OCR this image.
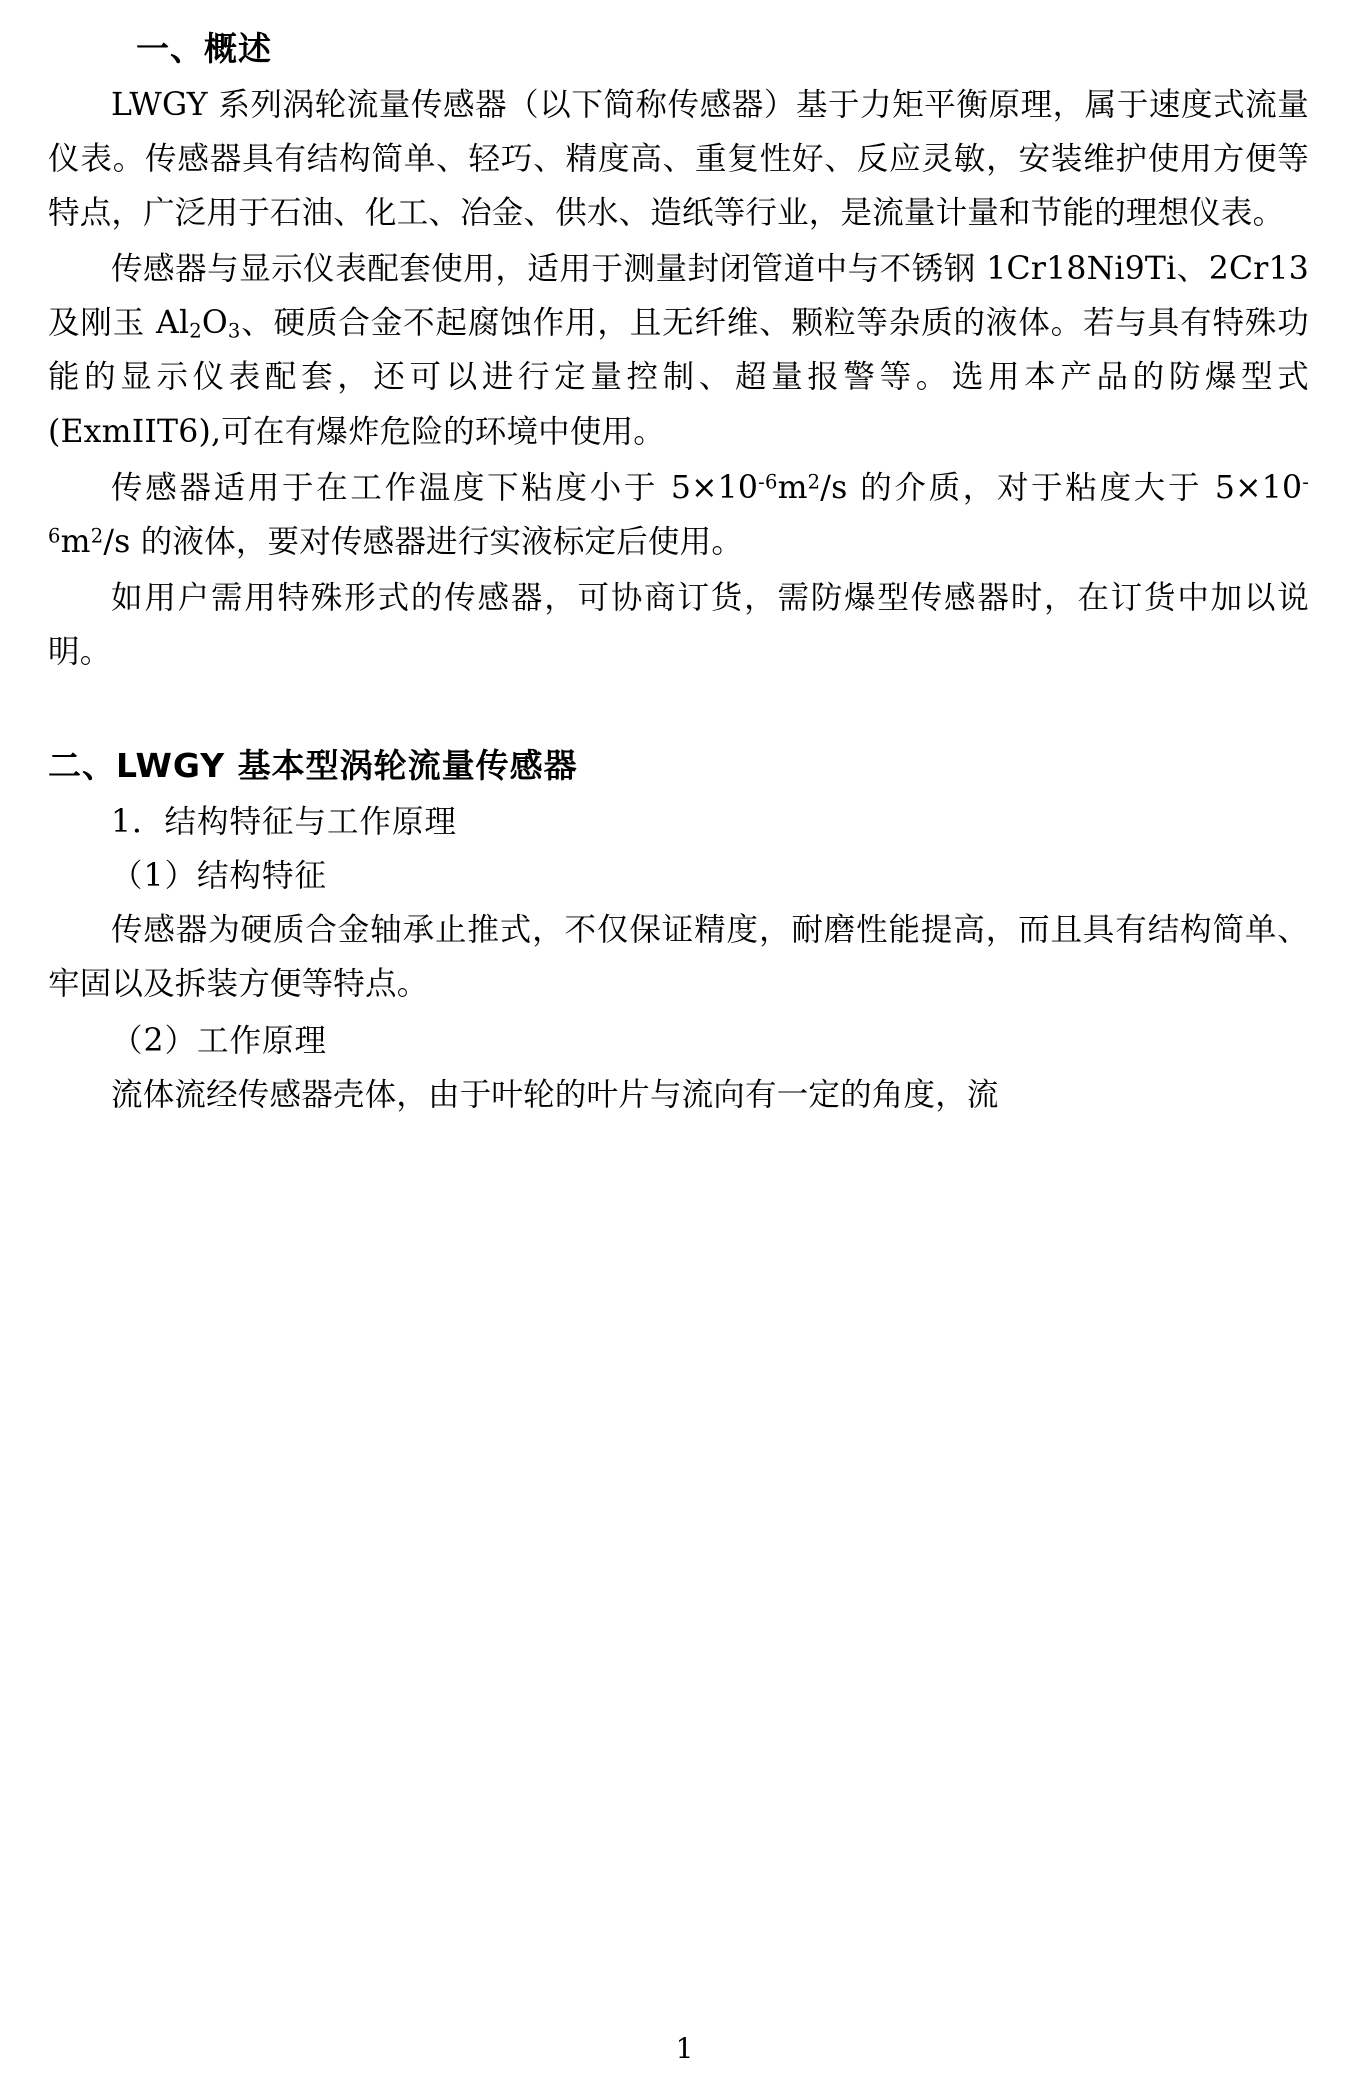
一、概述

LWGY 系列涡轮流量传感器（以下简称传感器）基于力矩平衡原理，属于速度式流量仪表。传感器具有结构简单、轻巧、精度高、重复性好、反应灵敏，安装维护使用方便等特点，广泛用于石油、化工、冶金、供水、造纸等行业，是流量计量和节能的理想仪表。

传感器与显示仪表配套使用，适用于测量封闭管道中与不锈钢 1Cr18Ni9Ti、2Cr13 及刚玉 $Al_2O_3$、硬质合金不起腐蚀作用，且无纤维、颗粒等杂质的液体。若与具有特殊功能的显示仪表配套，还可以进行定量控制、超量报警等。选用本产品的防爆型式(ExmIIT6),可在有爆炸危险的环境中使用。

传感器适用于在工作温度下粘度小于 $5\times 10^{-6}m^2/s$ 的介质，对于粘度大于 $5\times 10^{-6}m^2/s$ 的液体，要对传感器进行实液标定后使用。

如用户需用特殊形式的传感器，可协商订货，需防爆型传感器时，在订货中加以说明。

二、LWGY 基本型涡轮流量传感器

1．结构特征与工作原理

（1）结构特征

传感器为硬质合金轴承止推式，不仅保证精度，耐磨性能提高，而且具有结构简单、牢固以及拆装方便等特点。

（2）工作原理

流体流经传感器壳体，由于叶轮的叶片与流向有一定的角度，流

1
